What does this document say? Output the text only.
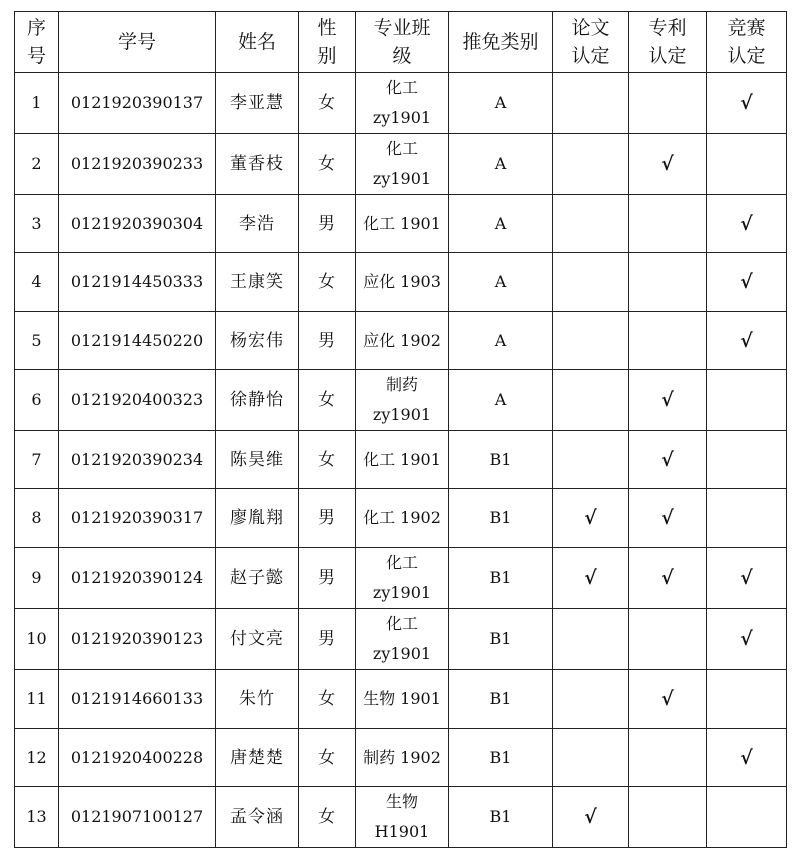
序
号	学号	姓名	性
别	专业班
级	推免类别	论文
认定	专利
认定	竞赛
认定
1	0121920390137	李亚慧	女	化工
zy1901	A			√
2	0121920390233	董香枝	女	化工
zy1901	A		√	
3	0121920390304	李浩	男	化工 1901	A			√
4	0121914450333	王康笑	女	应化 1903	A			√
5	0121914450220	杨宏伟	男	应化 1902	A			√
6	0121920400323	徐静怡	女	制药
zy1901	A		√	
7	0121920390234	陈昊维	女	化工 1901	B1		√	
8	0121920390317	廖胤翔	男	化工 1902	B1	√	√	
9	0121920390124	赵子懿	男	化工
zy1901	B1	√	√	√
10	0121920390123	付文亮	男	化工
zy1901	B1			√
11	0121914660133	朱竹	女	生物 1901	B1		√	
12	0121920400228	唐楚楚	女	制药 1902	B1			√
13	0121907100127	孟令涵	女	生物
H1901	B1	√		
